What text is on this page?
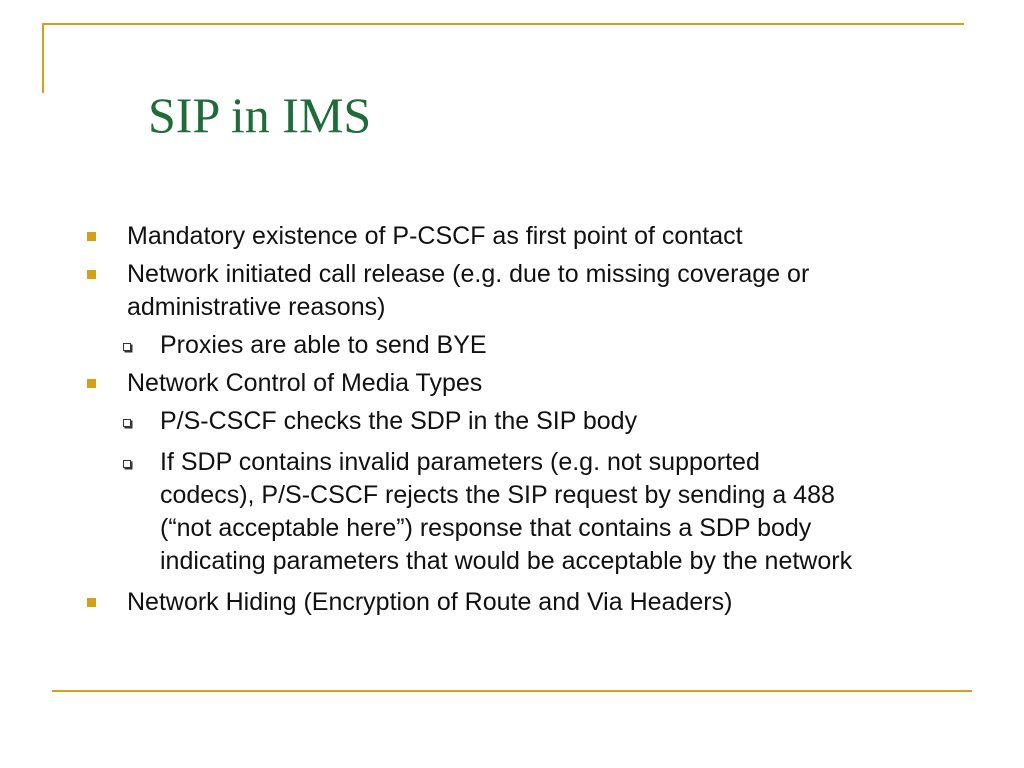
SIP in IMS
Mandatory existence of P-CSCF as first point of contact
Network initiated call release (e.g. due to missing coverage or
administrative reasons)
Proxies are able to send BYE
Network Control of Media Types
P/S-CSCF checks the SDP in the SIP body
If SDP contains invalid parameters (e.g. not supported
codecs), P/S-CSCF rejects the SIP request by sending a 488
(“not acceptable here”) response that contains a SDP body
indicating parameters that would be acceptable by the network
Network Hiding (Encryption of Route and Via Headers)
